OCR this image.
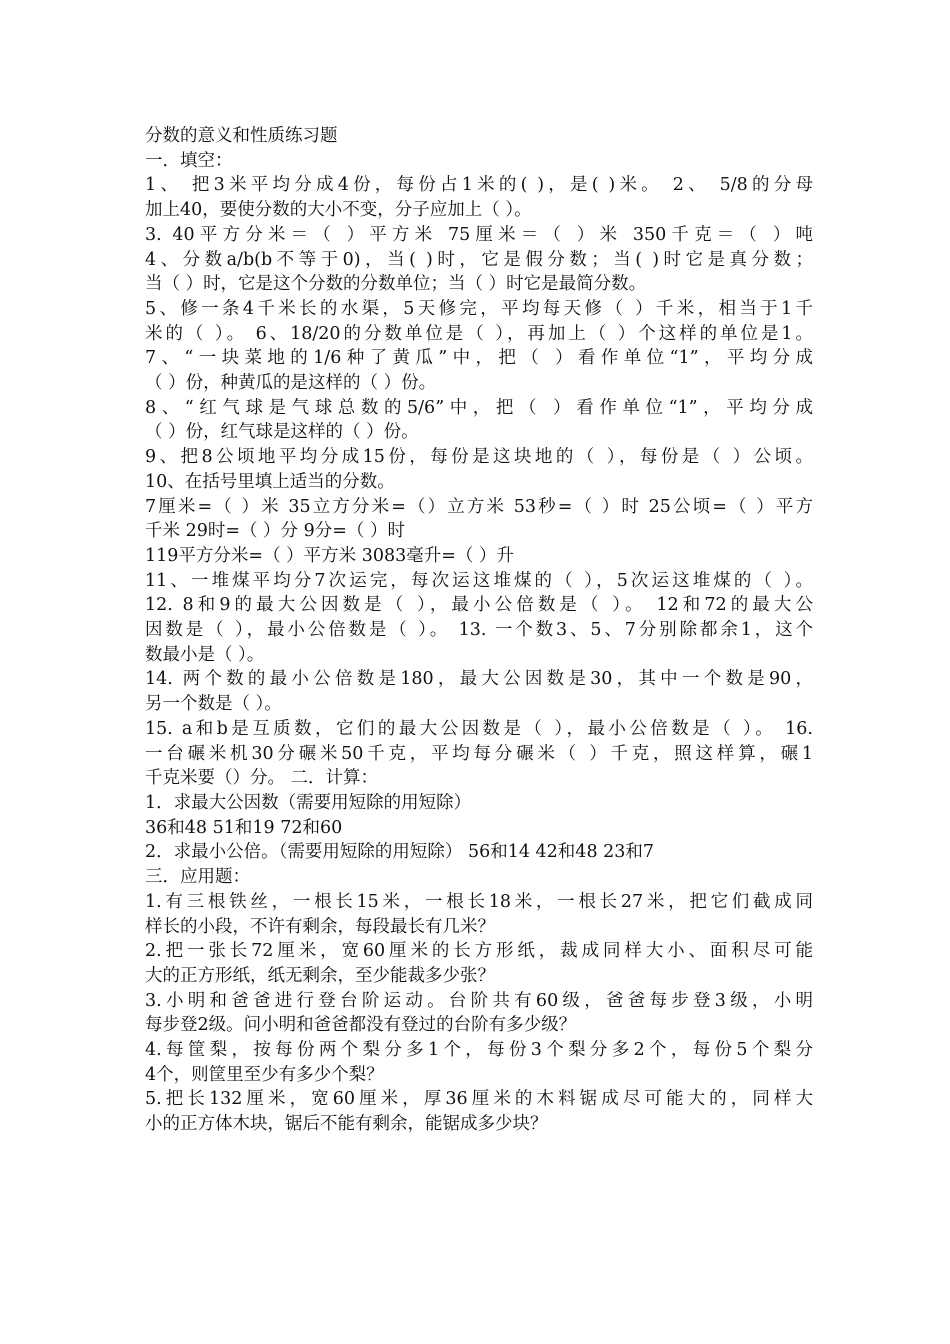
分数的意义和性质练习题
一．填空：
1、 把3米平均分成4份，每份占1米的( )，是( )米。 2、 5/8的分母
加上40，要使分数的大小不变，分子应加上（ ）。
3. 40平方分米＝（ ）平方米 75厘米＝（ ）米 350千克＝（ ）吨
4、分数a/b(b不等于0)，当( )时，它是假分数；当( )时它是真分数；
当（ ）时，它是这个分数的分数单位；当（ ）时它是最简分数。
5、修一条4千米长的水渠，5天修完，平均每天修（ ）千米，相当于1千
米的（ ）。 6、18/20的分数单位是（ ），再加上（ ）个这样的单位是1。
7、“一块菜地的1/6种了黄瓜”中，把（ ）看作单位“1”，平均分成
（ ）份，种黄瓜的是这样的（ ）份。
8、“红气球是气球总数的5/6”中，把（ ）看作单位“1”，平均分成
（ ）份，红气球是这样的（ ）份。
9、把8公顷地平均分成15份，每份是这块地的（ ），每份是（ ）公顷。
10、在括号里填上适当的分数。
7厘米=（ ）米 35立方分米=（）立方米 53秒=（ ）时 25公顷=（ ）平方
千米 29时=（ ）分 9分=（ ）时
119平方分米=（ ）平方米 3083毫升=（ ）升
11、一堆煤平均分7次运完，每次运这堆煤的（ ），5次运这堆煤的（ ）。
12. 8和9的最大公因数是（ ），最小公倍数是（ ）。 12和72的最大公
因数是（ ），最小公倍数是（ ）。 13. 一个数3、5、7分别除都余1，这个
数最小是（ ）。
14. 两个数的最小公倍数是180，最大公因数是30，其中一个数是90，
另一个数是（ ）。
15. a和b是互质数，它们的最大公因数是（ ），最小公倍数是（ ）。 16.
一台碾米机30分碾米50千克，平均每分碾米（ ）千克，照这样算，碾1
千克米要（）分。 二．计算：
1．求最大公因数（需要用短除的用短除）
36和48 51和19 72和60
2．求最小公倍。（需要用短除的用短除） 56和14 42和48 23和7
三．应用题：
1.有三根铁丝，一根长15米，一根长18米，一根长27米，把它们截成同
样长的小段，不许有剩余，每段最长有几米？
2.把一张长72厘米，宽60厘米的长方形纸，裁成同样大小、面积尽可能
大的正方形纸，纸无剩余，至少能裁多少张？
3.小明和爸爸进行登台阶运动。台阶共有60级，爸爸每步登3级，小明
每步登2级。问小明和爸爸都没有登过的台阶有多少级？
4.每筐梨，按每份两个梨分多1个，每份3个梨分多2个，每份5个梨分
4个，则筐里至少有多少个梨？
5.把长132厘米，宽60厘米，厚36厘米的木料锯成尽可能大的，同样大
小的正方体木块，锯后不能有剩余，能锯成多少块？
